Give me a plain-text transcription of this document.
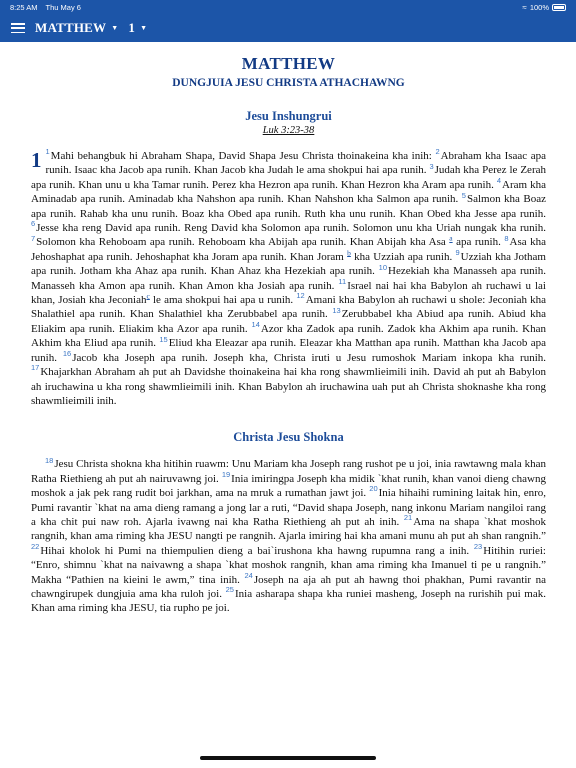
8:25 AM Thu May 6	≈ 100%
MATTHEW ▼ 1 ▼
MATTHEW
DUNGJUIA JESU CHRISTA ATHACHAWNG
Jesu Inshungrui
Luk 3:23-38
1 $^1$Mahi behangbuk hi Abraham Shapa, David Shapa Jesu Christa thoinakeina kha inih: $^2$Abraham kha Isaac apa runih. Isaac kha Jacob apa runih. Khan Jacob kha Judah le ama shokpui hai apa runih. $^3$Judah kha Perez le Zerah apa runih. Khan unu u kha Tamar runih. Perez kha Hezron apa runih. Khan Hezron kha Aram apa runih. $^4$Aram kha Aminadab apa runih. Aminadab kha Nahshon apa runih. Khan Nahshon kha Salmon apa runih. $^5$Salmon kha Boaz apa runih. Rahab kha unu runih. Boaz kha Obed apa runih. Ruth kha unu runih. Khan Obed kha Jesse apa runih. $^6$Jesse kha reng David apa runih. Reng David kha Solomon apa runih. Solomon unu kha Uriah nungak kha runih. $^7$Solomon kha Rehoboam apa runih. Rehoboam kha Abijah apa runih. Khan Abijah kha Asa $^a$ apa runih. $^8$Asa kha Jehoshaphat apa runih. Jehoshaphat kha Joram apa runih. Khan Joram $^b$ kha Uzziah apa runih. $^9$Uzziah kha Jotham apa runih. Jotham kha Ahaz apa runih. Khan Ahaz kha Hezekiah apa runih. $^{10}$Hezekiah kha Manasseh apa runih. Manasseh kha Amon apa runih. Khan Amon kha Josiah apa runih. $^{11}$Israel nai hai kha Babylon ah ruchawi u lai khan, Josiah kha Jeconiah$^c$ le ama shokpui hai apa u runih. $^{12}$Amani kha Babylon ah ruchawi u shole: Jeconiah kha Shalathiel apa runih. Khan Shalathiel kha Zerubbabel apa runih. $^{13}$Zerubbabel kha Abiud apa runih. Abiud kha Eliakim apa runih. Eliakim kha Azor apa runih. $^{14}$Azor kha Zadok apa runih. Zadok kha Akhim apa runih. Khan Akhim kha Eliud apa runih. $^{15}$Eliud kha Eleazar apa runih. Eleazar kha Matthan apa runih. Matthan kha Jacob apa runih. $^{16}$Jacob kha Joseph apa runih. Joseph kha, Christa iruti u Jesu rumoshok Mariam inkopa kha runih. $^{17}$Khajarkhan Abraham ah put ah Davidshe thoinakeina hai kha rong shawmlieimili inih. David ah put ah Babylon ah iruchawina u kha rong shawmlieimili inih. Khan Babylon ah iruchawina uah put ah Christa shoknashe kha rong shawmlieimili inih.
Christa Jesu Shokna
$^{18}$Jesu Christa shokna kha hitihin ruawm: Unu Mariam kha Joseph rang rushot pe u joi, inia rawtawng mala khan Ratha Riethieng ah put ah nairuvawng joi. $^{19}$Inia imiringpa Joseph kha midik `khat runih, khan vanoi dieng chawng moshok a jak pek rang rudit boi jarkhan, ama na mruk a rumathan jawt joi. $^{20}$Inia hihaihi rumining laitak hin, enro, Pumi ravantir `khat na ama dieng ramang a jong lar a ruti, “David shapa Joseph, nang inkonu Mariam nangiloi rang a kha chit pui naw roh. Ajarla ivawng nai kha Ratha Riethieng ah put ah inih. $^{21}$Ama na shapa `khat moshok rangnih, khan ama riming kha JESU nangti pe rangnih. Ajarla imiring hai kha amani munu ah put ah shan rangnih.” $^{22}$Hihai kholok hi Pumi na thiempulien dieng a bai`irushona kha hawng rupumna rang a inih. $^{23}$Hitihin ruriei: “Enro, shimnu `khat na naivawng a shapa `khat moshok rangnih, khan ama riming kha Imanuel ti pe u rangnih.” Makha “Pathien na kieini le awm,” tina inih. $^{24}$Joseph na aja ah put ah hawng thoi phakhan, Pumi ravantir na chawngirupek dungjuia ama kha ruloh joi. $^{25}$Inia asharapa shapa kha runiei masheng, Joseph na rurishih pui mak. Khan ama riming kha JESU, tia rupho pe joi.
